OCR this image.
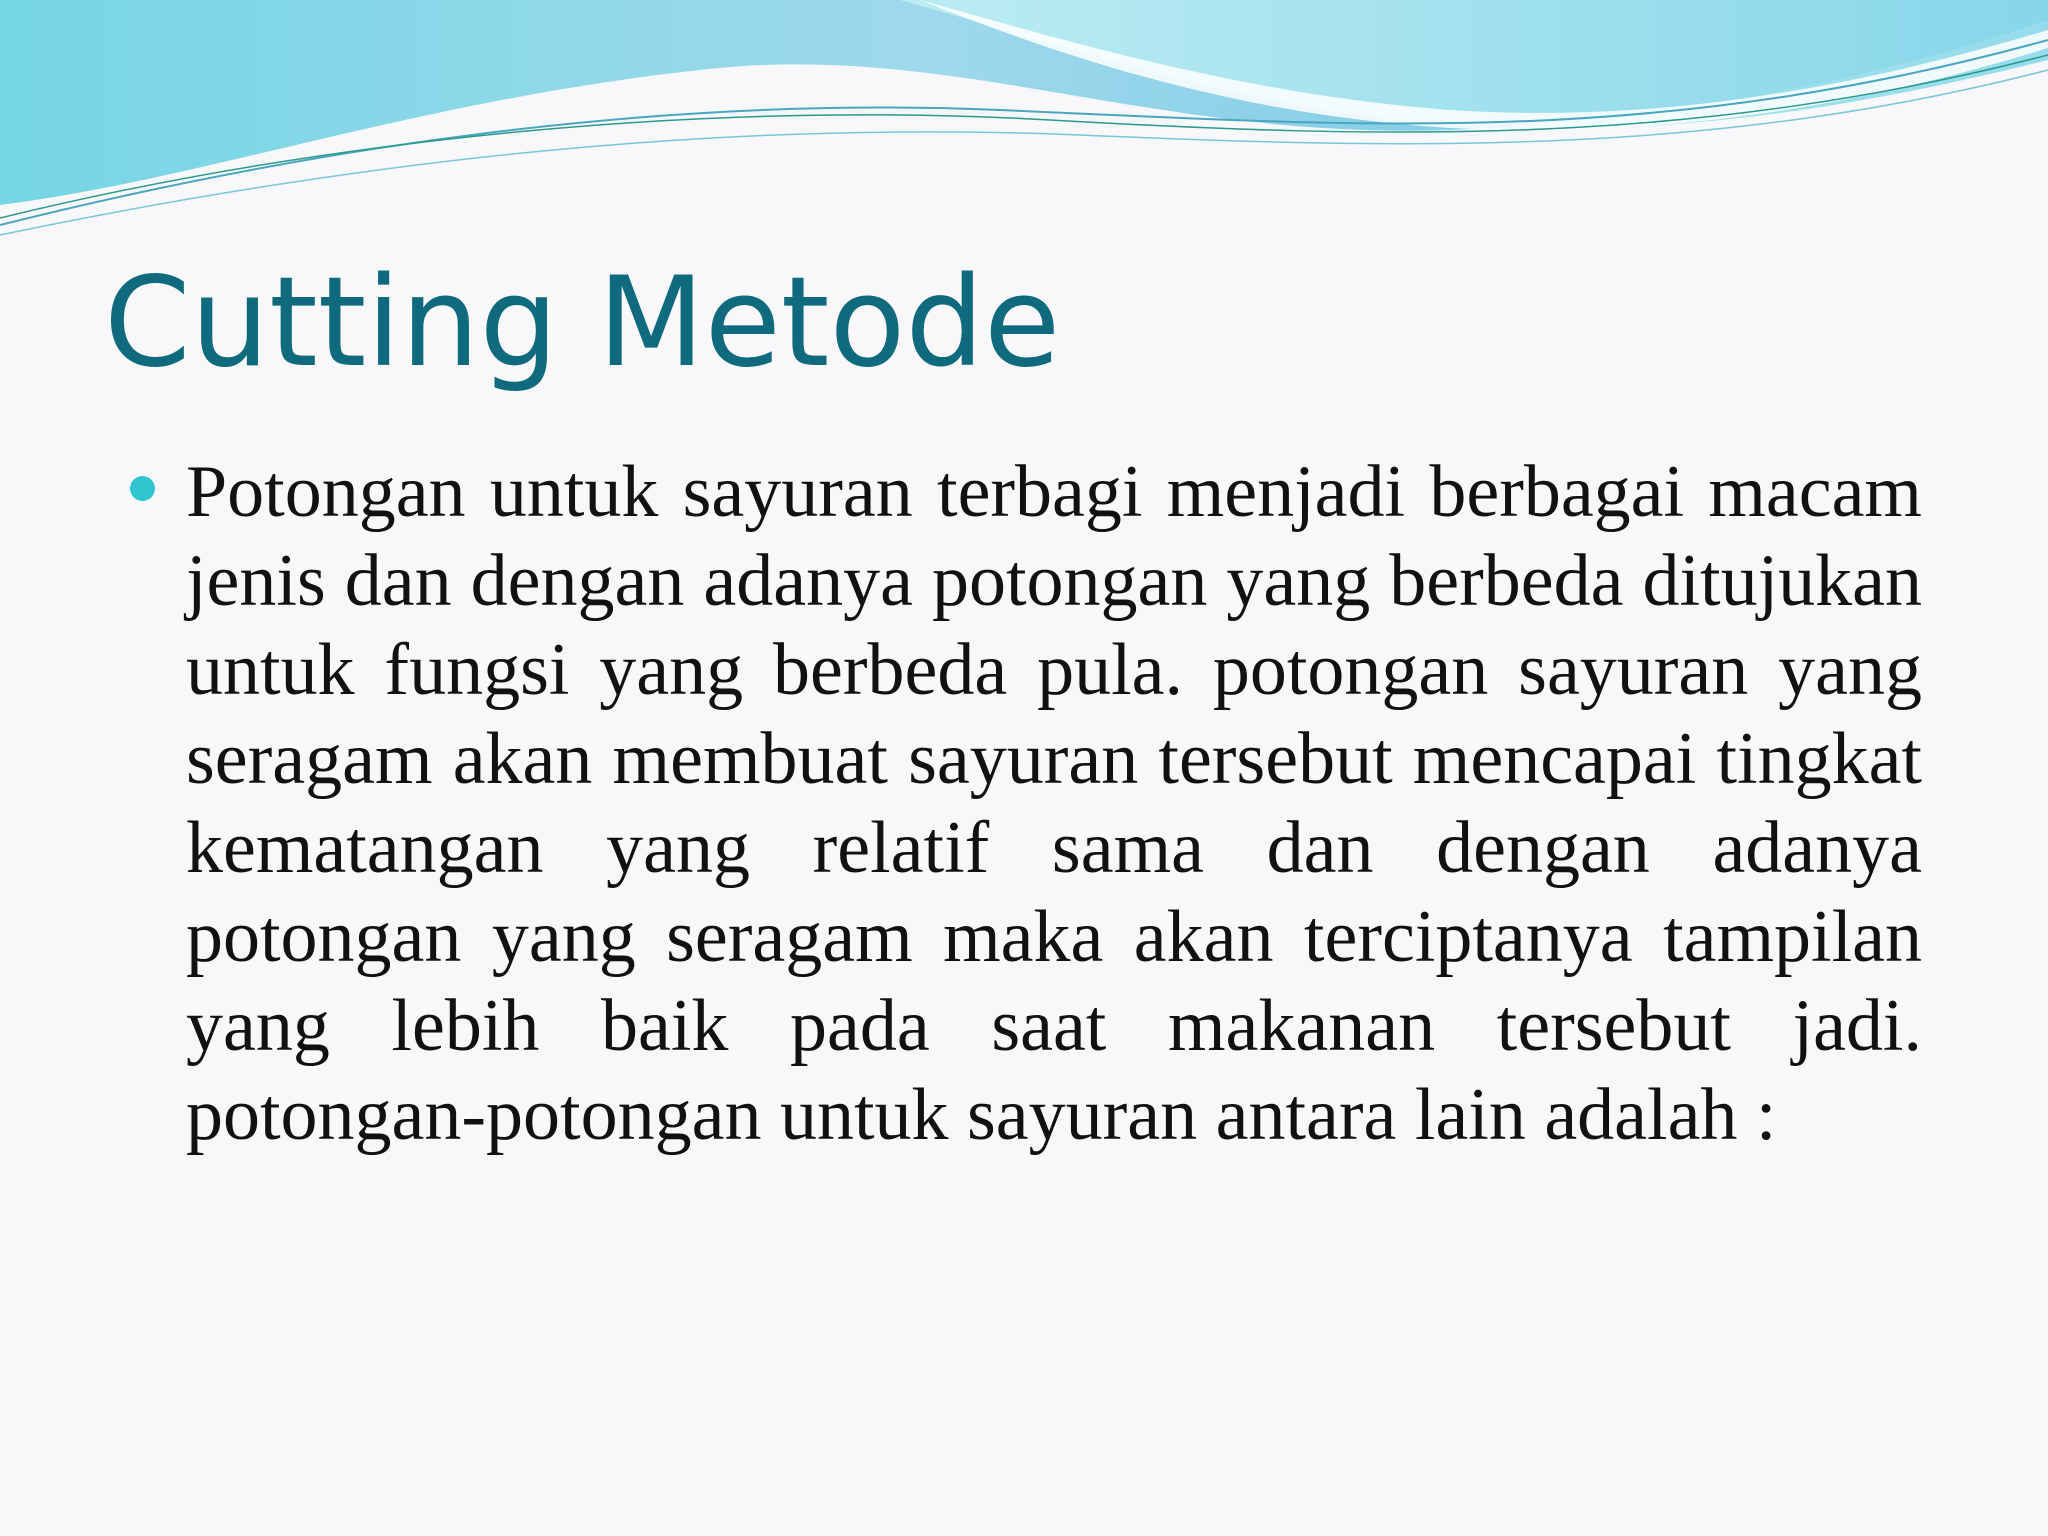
Cutting Metode

Potongan untuk sayuran terbagi menjadi berbagai macam jenis dan dengan adanya potongan yang berbeda ditujukan untuk fungsi yang berbeda pula. potongan sayuran yang seragam akan membuat sayuran tersebut mencapai tingkat kematangan yang relatif sama dan dengan adanya potongan yang seragam maka akan terciptanya tampilan yang lebih baik pada saat makanan tersebut jadi. potongan-potongan untuk sayuran antara lain adalah :
